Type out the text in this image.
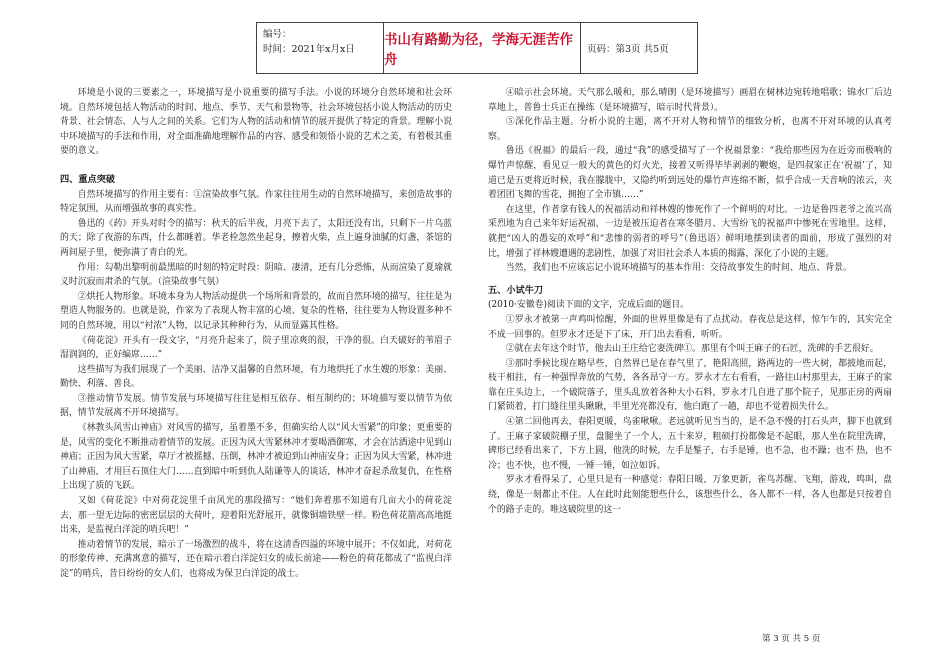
编号：
时间：2021年x月x日
书山有路勤为径，学海无涯苦作舟
页码：第3页 共5页

环境是小说的三要素之一，环境描写是小说重要的描写手法。小说的环境分自然环境和社会环境。自然环境包括人物活动的时间、地点、季节、天气和景物等，社会环境包括小说人物活动的历史背景、社会情态、人与人之间的关系。它们为人物的活动和情节的展开提供了特定的背景。理解小说中环境描写的手法和作用，对全面准确地理解作品的内容、感受和领悟小说的艺术之美，有着极其重要的意义。

四、重点突破

自然环境描写的作用主要有：①渲染故事气氛。作家往往用生动的自然环境描写，来创造故事的特定氛围，从而增强故事的真实性。

鲁迅的《药》开头对时令的描写：秋天的后半夜，月亮下去了，太阳还没有出，只剩下一片乌蓝的天；除了夜游的东西，什么都睡着。华老栓忽然坐起身，擦着火柴，点上遍身油腻的灯盏，茶馆的两间屋子里，便弥满了青白的光。

作用：勾勒出黎明前最黑暗的时刻的特定时段：阴暗、凄清，还有几分恐怖，从而渲染了夏瑜就义时沉寂而肃杀的气氛。（渲染故事气氛）

②烘托人物形象。环境本身为人物活动提供一个场所和背景的，故而自然环境的描写，往往是为塑造人物服务的。也就是说，作家为了表现人物丰富的心境、复杂的性格，往往要为人物设置多种不同的自然环境，用以“衬浓”人物，以记录其种种行为，从而显露其性格。

《荷花淀》开头有一段文字，“月亮升起来了，院子里凉爽的很，干净的很。白天破好的苇眉子湿润润的，正好编席……”

这些描写为我们展现了一个美丽、洁净又温馨的自然环境，有力地烘托了水生嫂的形象：美丽、勤快、利落、善良。

③推动情节发展。情节发展与环境描写往往是相互依存、相互制约的；环境描写要以情节为依据，情节发展离不开环境描写。

《林教头风雪山神庙》对风雪的描写，虽着墨不多，但确实给人以“风大雪紧”的印象；更重要的是，风雪的变化不断推动着情节的发展。正因为风大雪紧林冲才要喝酒御寒，才会在沽酒途中见到山神庙；正因为风大雪紧，草厅才被摇撼、压倒，林冲才被迫到山神庙安身；正因为风大雪紧，林冲进了山神庙，才用巨石顶住大门……直到暗中听到仇人陆谦等人的谈话，林冲才奋起杀敌复仇，在性格上出现了质的飞跃。

又如《荷花淀》中对荷花淀里千亩风光的那段描写：“她们奔着那不知道有几亩大小的荷花淀去，那一望无边际的密密层层的大荷叶，迎着阳光舒展开，就像铜墙铁壁一样。粉色荷花箭高高地挺出来，是监视白洋淀的哨兵吧！”

推动着情节的发展，暗示了一场激烈的战斗，将在这清香四溢的环境中展开；不仅如此，对荷花的形象传神、充满寓意的描写，还在暗示着白洋淀妇女的成长前途——粉色的荷花都成了“监视白洋淀”的哨兵，昔日纷纷的女人们，也将成为保卫白洋淀的战士。

④暗示社会环境。天气那么暖和，那么晴朗（是环境描写）画眉在树林边宛转地唱歌；锦水厂后边草地上，普鲁士兵正在操练（是环境描写，暗示时代背景）。

⑤深化作品主题。分析小说的主题，离不开对人物和情节的细致分析，也离不开对环境的认真考察。

鲁迅《祝福》的最后一段，通过“我”的感受描写了一个祝福景象：“我给那些因为在近旁而极响的爆竹声惊醒，看见豆一般大的黄色的灯火光，接着又听得毕毕剥剥的鞭炮，是四叔家正在‘祝福’了，知道已是五更将近时候，我在朦胧中，又隐约听到远处的爆竹声连绵不断，似乎合成一天音响的浓云，夹着团团飞舞的雪花，拥抱了全市镇……”

在这里，作者拿有钱人的祝福活动和祥林嫂的惨死作了一个鲜明的对比。一边是鲁四老爷之流兴高采烈地为自己来年好运祝福，一边是被压迫者在寒冬腊月、大雪纷飞的祝福声中惨死在雪地里。这样，就把“凶人的愚妄的欢呼”和“悲惨的弱者的呼号”（鲁迅语）鲜明地摆到读者的面前，形成了强烈的对比，增强了祥林嫂遭遇的悲剧性，加强了对旧社会杀人本质的揭露，深化了小说的主题。

当然，我们也不应该忘记小说环境描写的基本作用：交待故事发生的时间、地点、背景。

五、小试牛刀

(2010·安徽卷)阅读下面的文字，完成后面的题目。

①罗永才被第一声鸡叫惊醒，外面的世界里像是有了点扰动。春夜总是这样，惊乍乍的，其实完全不成一回事的。但罗永才还是下了床，开门出去看看，听听。

②就在去年这个时节，他去山王庄给它妻洗碑①。那里有个叫王麻子的石匠，洗碑的手艺很好。

③那时季候比现在略早些，自然界已是在春气里了，艳阳高照，路两边的一些大树，都披地而起，枝干相拄，有一种强悍奔放的气势，各各昂守一方。罗永才左右看看，一路往山村那里去，王麻子的家靠在庄头边上，一个破院落子，里头乱放着各种大小石料，罗永才几自进了那个院子，见那正房的两扇门紧锁着，打门缝往里头瞅瞅，半里光亮都没有，他白跑了一趟，却也不觉着损失什么。

④第二回他再去，春阳更暖，鸟雀啾啾。老远就听见当当的，是不急不慢的打石头声，脚下也就到了。王麻子家破院棚子里，盘腿坐了一个人，五十来岁，粗硕打扮都像是不起眼，那人坐在院里洗碑，碑形已经看出来了，下方上圆，他洗的时候，左手是錾子，右手是锤，也不急，也不躁；也不 热，也不冷；也不快，也不慢，一锤一锤，如泣如诉。

罗永才看得呆了，心里只是有一种感觉：春阳日暖，万象更新，雀鸟苏醒、飞翔，游戏，鸣叫，盘绕，像是一刻都止不住。人在此时此刻能想些什么，该想些什么，各人都不一样，各人也都是只按着自个的路子走的。唯这破院里的这一

第 3 页 共 5 页
